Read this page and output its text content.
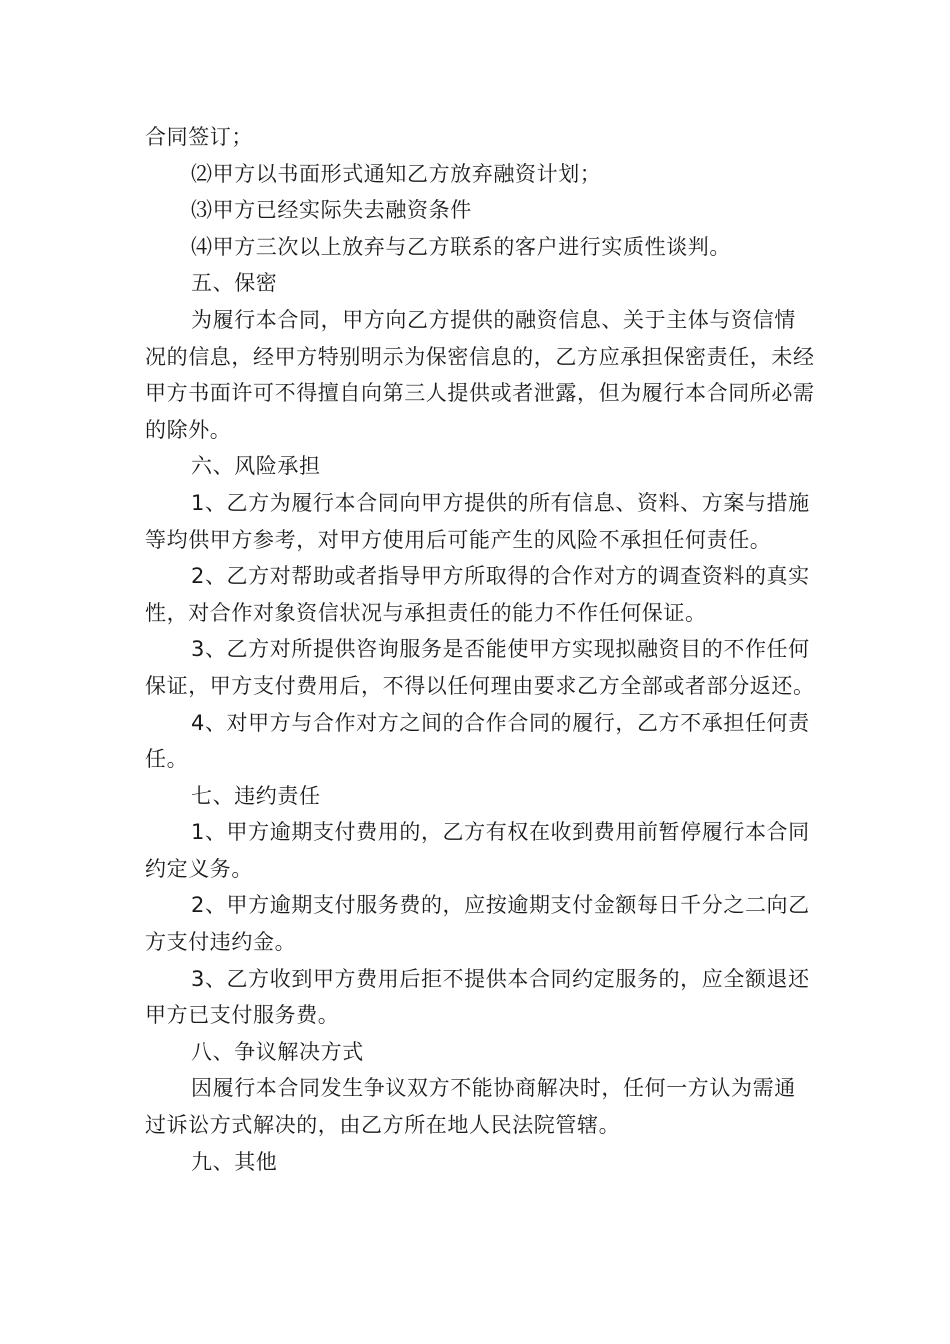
合同签订；

⑵甲方以书面形式通知乙方放弃融资计划；

⑶甲方已经实际失去融资条件

⑷甲方三次以上放弃与乙方联系的客户进行实质性谈判。

五、保密

为履行本合同，甲方向乙方提供的融资信息、关于主体与资信情况的信息，经甲方特别明示为保密信息的，乙方应承担保密责任，未经甲方书面许可不得擅自向第三人提供或者泄露，但为履行本合同所必需的除外。

六、风险承担

1、乙方为履行本合同向甲方提供的所有信息、资料、方案与措施等均供甲方参考，对甲方使用后可能产生的风险不承担任何责任。

2、乙方对帮助或者指导甲方所取得的合作对方的调查资料的真实性，对合作对象资信状况与承担责任的能力不作任何保证。

3、乙方对所提供咨询服务是否能使甲方实现拟融资目的不作任何保证，甲方支付费用后，不得以任何理由要求乙方全部或者部分返还。

4、对甲方与合作对方之间的合作合同的履行，乙方不承担任何责任。

七、违约责任

1、甲方逾期支付费用的，乙方有权在收到费用前暂停履行本合同约定义务。

2、甲方逾期支付服务费的，应按逾期支付金额每日千分之二向乙方支付违约金。

3、乙方收到甲方费用后拒不提供本合同约定服务的，应全额退还甲方已支付服务费。

八、争议解决方式

因履行本合同发生争议双方不能协商解决时，任何一方认为需通过诉讼方式解决的，由乙方所在地人民法院管辖。

九、其他
